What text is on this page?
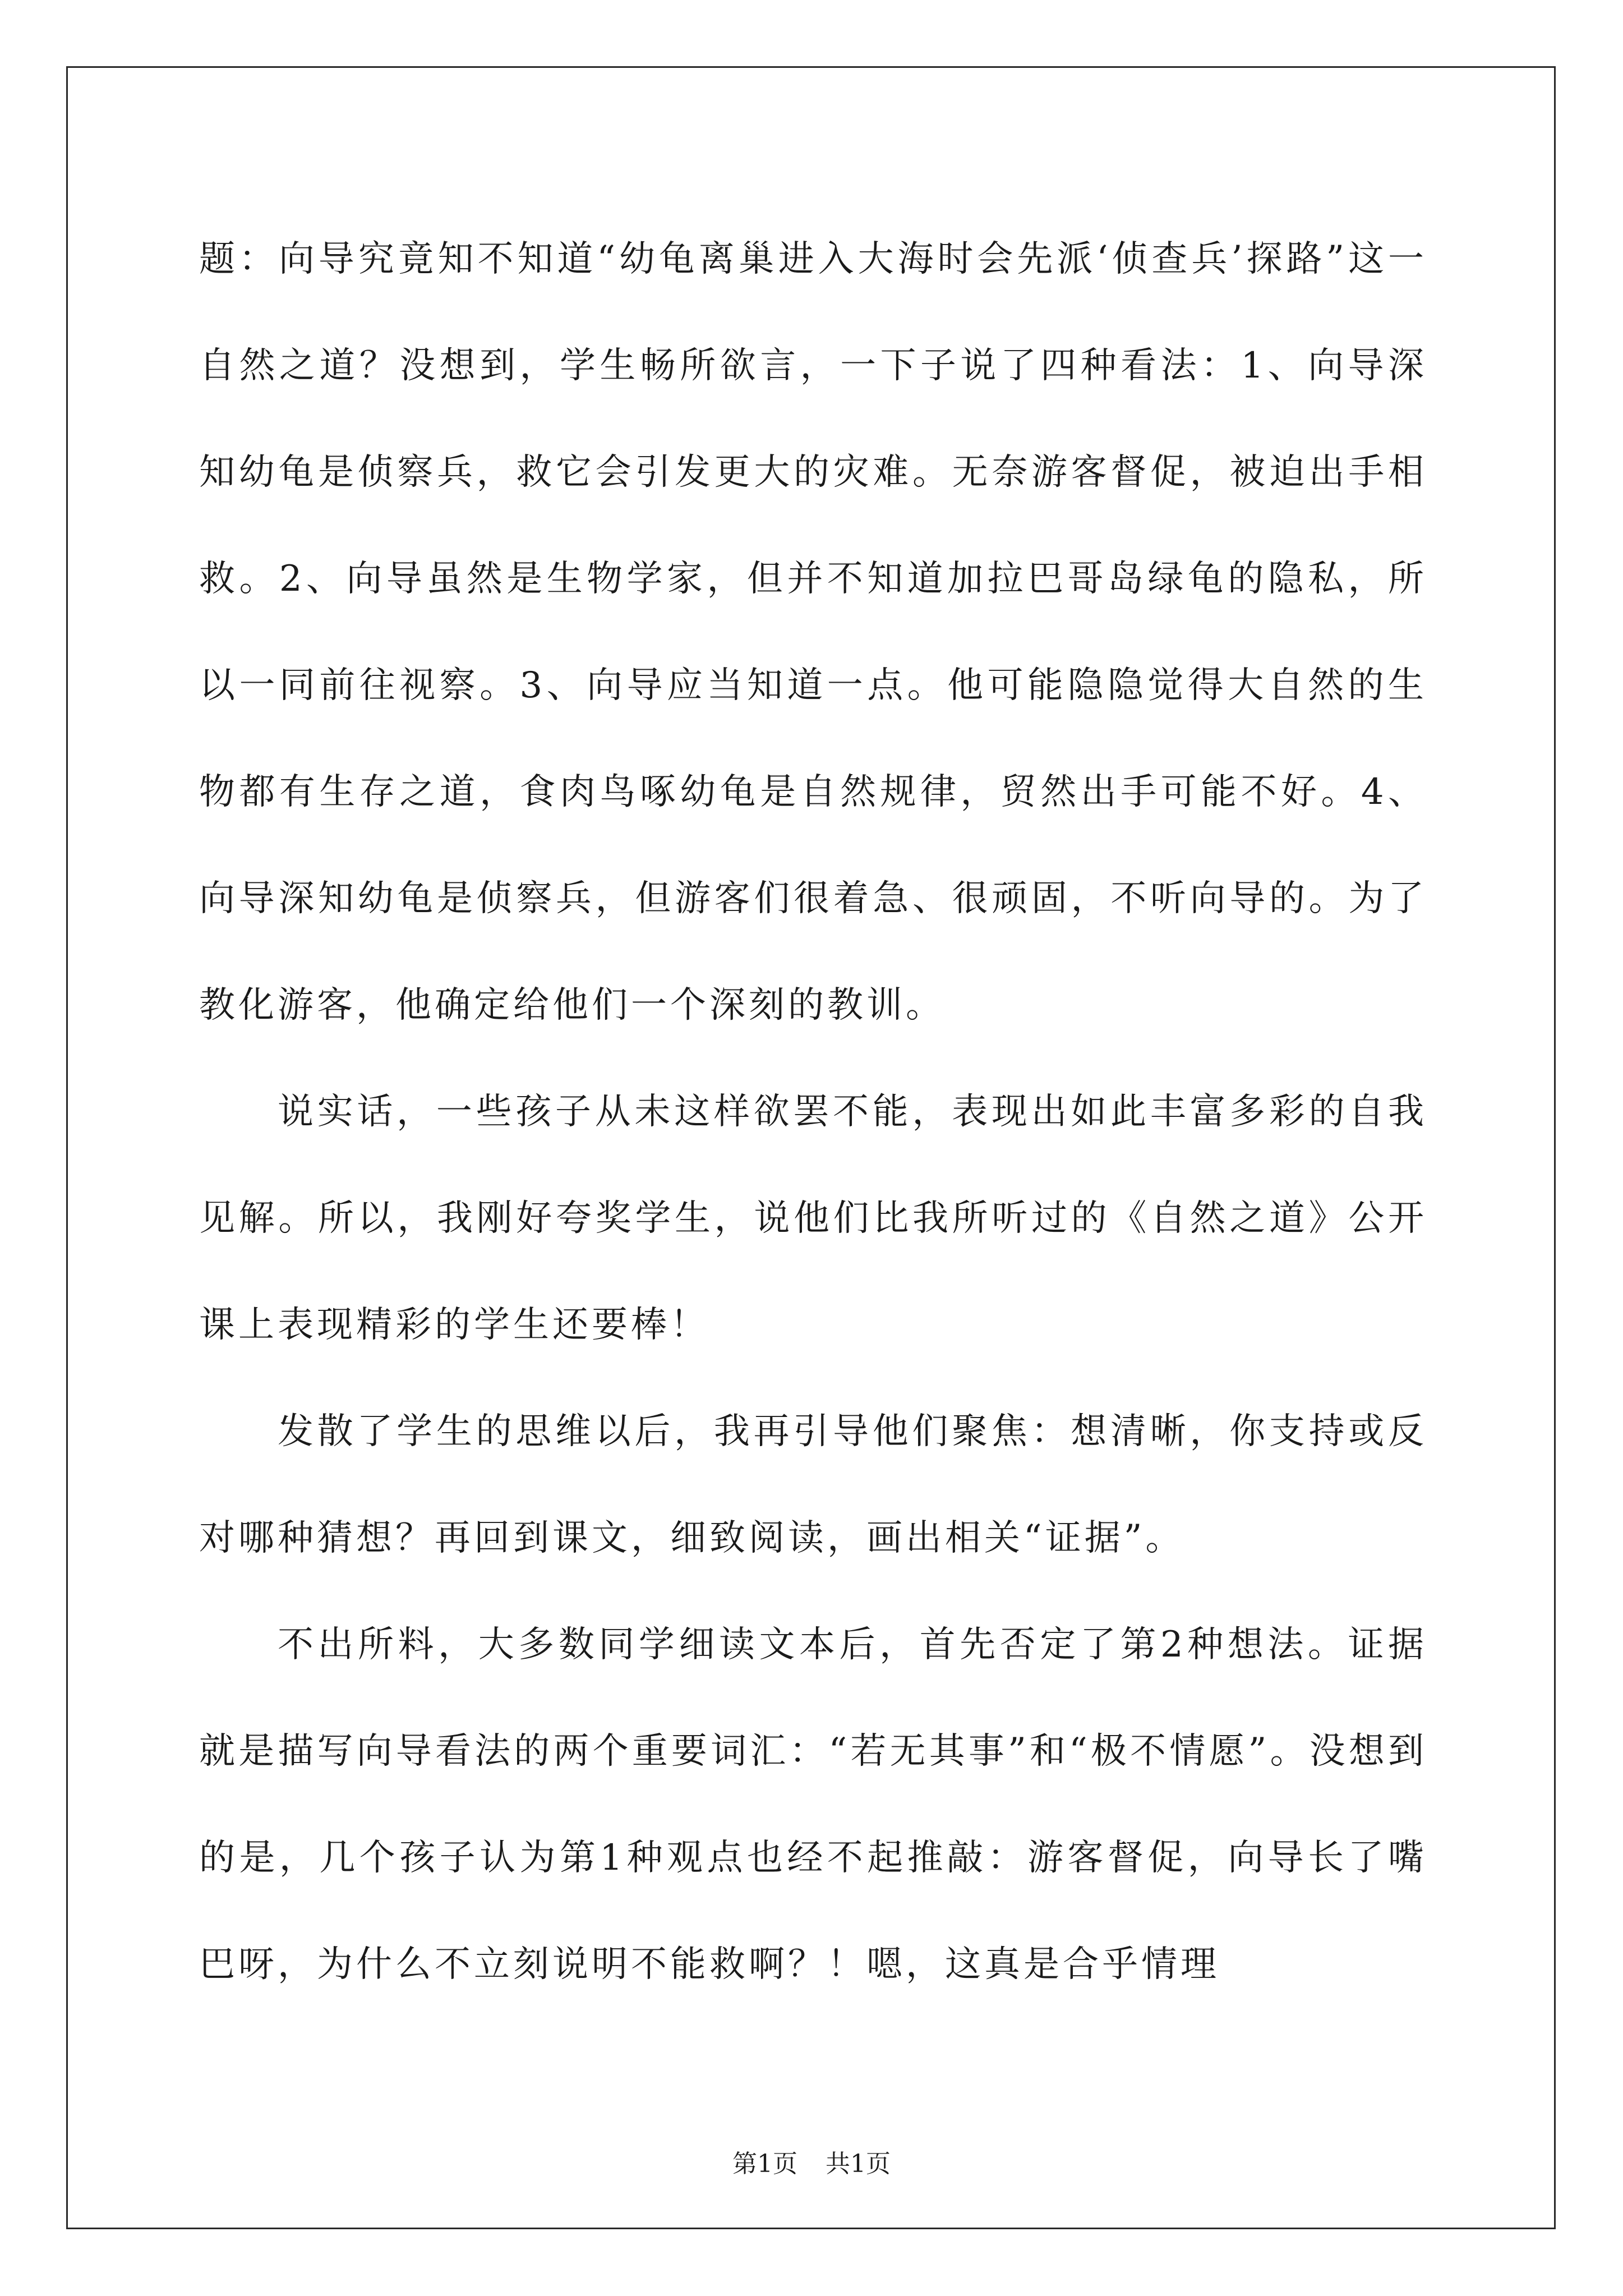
题：向导究竟知不知道“幼龟离巢进入大海时会先派‘侦查兵’探路”这一自然之道？没想到，学生畅所欲言，一下子说了四种看法：1、向导深知幼龟是侦察兵，救它会引发更大的灾难。无奈游客督促，被迫出手相救。2、向导虽然是生物学家，但并不知道加拉巴哥岛绿龟的隐私，所以一同前往视察。3、向导应当知道一点。他可能隐隐觉得大自然的生物都有生存之道，食肉鸟啄幼龟是自然规律，贸然出手可能不好。4、向导深知幼龟是侦察兵，但游客们很着急、很顽固，不听向导的。为了教化游客，他确定给他们一个深刻的教训。

说实话，一些孩子从未这样欲罢不能，表现出如此丰富多彩的自我见解。所以，我刚好夸奖学生，说他们比我所听过的《自然之道》公开课上表现精彩的学生还要棒！

发散了学生的思维以后，我再引导他们聚焦：想清晰，你支持或反对哪种猜想？再回到课文，细致阅读，画出相关“证据”。

不出所料，大多数同学细读文本后，首先否定了第2种想法。证据就是描写向导看法的两个重要词汇：“若无其事”和“极不情愿”。没想到的是，几个孩子认为第1种观点也经不起推敲：游客督促，向导长了嘴巴呀，为什么不立刻说明不能救啊？！嗯，这真是合乎情理

第1页 共1页
